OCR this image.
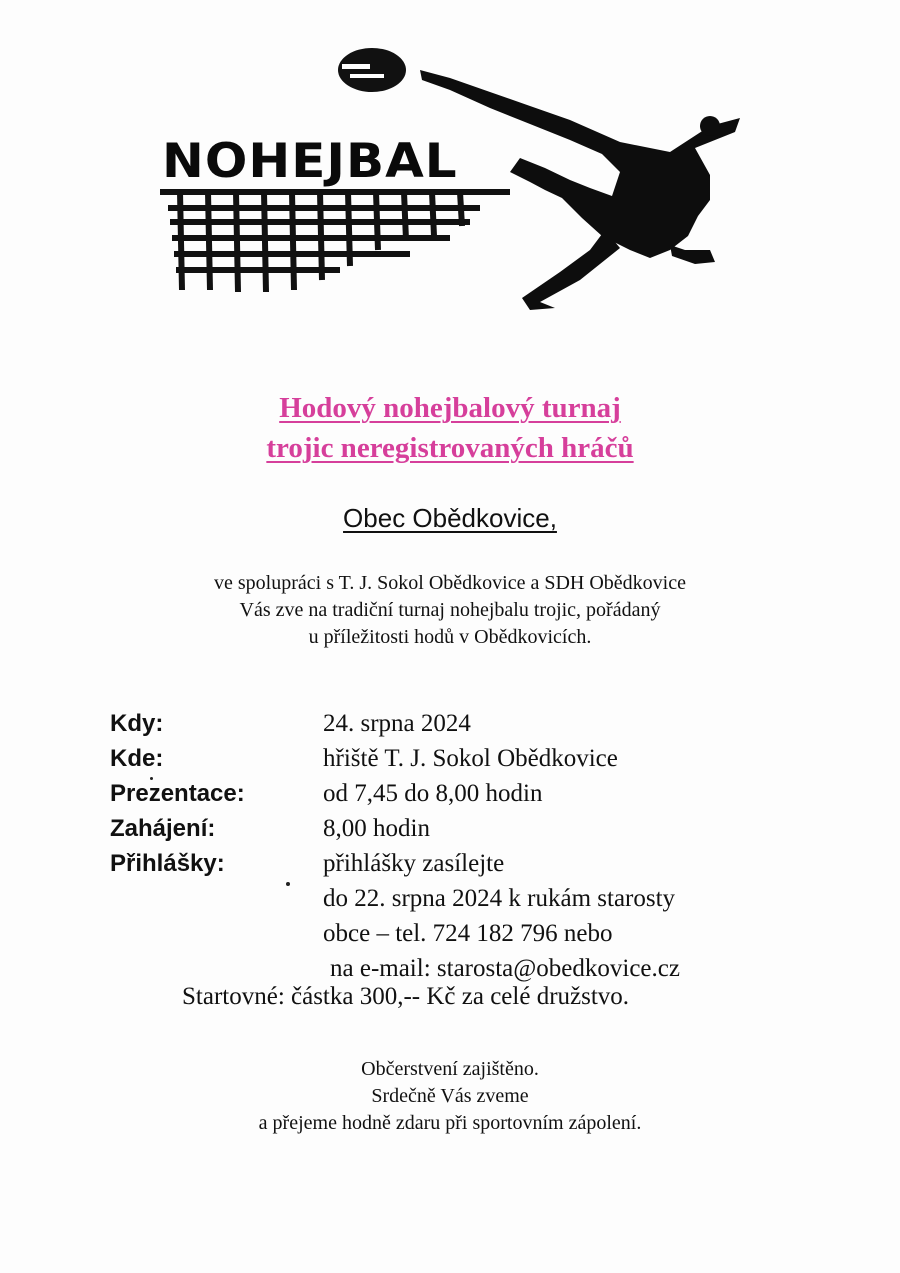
NOHEJBAL
Hodový nohejbalový turnaj
trojic neregistrovaných hráčů
Obec Obědkovice,
ve spolupráci s T. J. Sokol Obědkovice a SDH Obědkovice
Vás zve na tradiční turnaj nohejbalu trojic, pořádaný
u příležitosti hodů v Obědkovicích.
Kdy:	24. srpna 2024
Kde:	hřiště T. J. Sokol Obědkovice
Prezentace:	od 7,45 do 8,00 hodin
Zahájení:	8,00 hodin
Přihlášky:	přihlášky zasílejte
do 22. srpna 2024 k rukám starosty
obce – tel. 724 182 796 nebo
na e-mail: starosta@obedkovice.cz
Startovné: částka 300,-- Kč za celé družstvo.
Občerstvení zajištěno.
Srdečně Vás zveme
a přejeme hodně zdaru při sportovním zápolení.
